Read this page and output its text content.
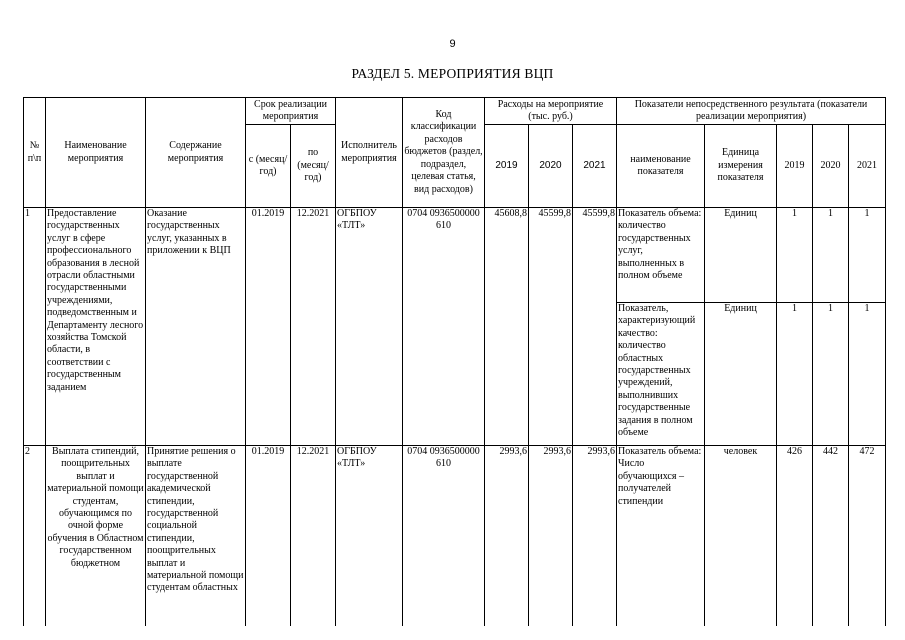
9
РАЗДЕЛ 5. МЕРОПРИЯТИЯ ВЦП
№ п\п	Наименование мероприятия	Содержание мероприятия	Срок реализации мероприятия		Исполнитель мероприятия	Код классификации расходов бюджетов (раздел, подраздел, целевая статья, вид расходов)	Расходы на мероприятие (тыс. руб.)			Показатели непосредственного результата (показатели реализации мероприятия)				
			с (месяц/ год)	по (месяц/ год)			2019	2020	2021	наименование показателя	Единица измерения показателя	2019	2020	2021
1	Предоставление государственных услуг в сфере профессионального образования в лесной отрасли областными государственными учреждениями, подведомственным и Департаменту лесного хозяйства Томской области, в соответствии с государственным заданием	Оказание государственных услуг, указанных в приложении к ВЦП	01.2019	12.2021	ОГБПОУ «ТЛТ»	0704 0936500000 610	45608,8	45599,8	45599,8	Показатель объема: количество государственных услуг, выполненных в полном объеме	Единиц	1	1	1
										Показатель, характеризующий качество: количество областных государственных учреждений, выполнивших государственные задания в полном объеме	Единиц	1	1	1
2	Выплата стипендий, поощрительных выплат и материальной помощи студентам, обучающимся по очной форме обучения в Областном государственном бюджетном	Принятие решения о выплате государственной академической стипендии, государственной социальной стипендии, поощрительных выплат и материальной помощи студентам областных	01.2019	12.2021	ОГБПОУ «ТЛТ»	0704 0936500000 610	2993,6	2993,6	2993,6	Показатель объема: Число обучающихся – получателей стипендии	человек	426	442	472
